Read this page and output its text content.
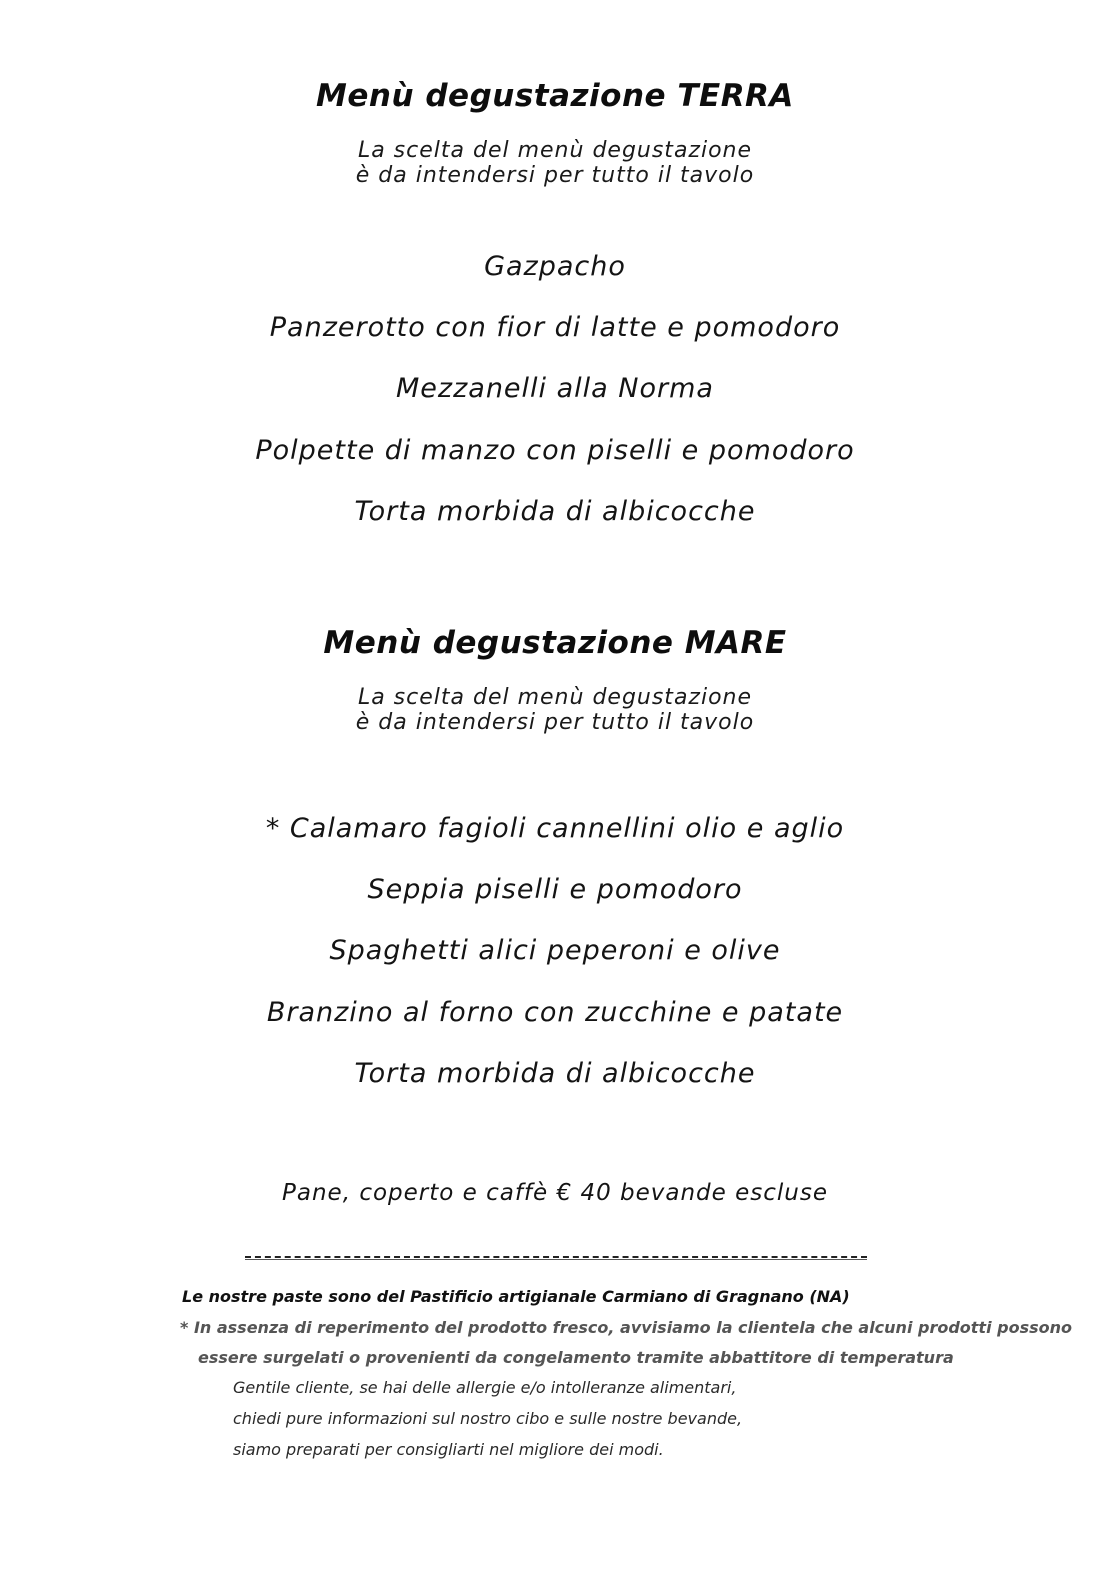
Menù degustazione TERRA
La scelta del menù degustazione
è da intendersi per tutto il tavolo
Gazpacho
Panzerotto con fior di latte e pomodoro
Mezzanelli alla Norma
Polpette di manzo con piselli e pomodoro
Torta morbida di albicocche
Menù degustazione MARE
La scelta del menù degustazione
è da intendersi per tutto il tavolo
* Calamaro fagioli cannellini olio e aglio
Seppia piselli e pomodoro
Spaghetti alici peperoni e olive
Branzino al forno con zucchine e patate
Torta morbida di albicocche
Pane, coperto e caffè € 40 bevande escluse
Le nostre paste sono del Pastificio artigianale Carmiano di Gragnano (NA)
* In assenza di reperimento del prodotto fresco, avvisiamo la clientela che alcuni prodotti possono
essere surgelati o provenienti da congelamento tramite abbattitore di temperatura
Gentile cliente, se hai delle allergie e/o intolleranze alimentari,
chiedi pure informazioni sul nostro cibo e sulle nostre bevande,
siamo preparati per consigliarti nel migliore dei modi.
